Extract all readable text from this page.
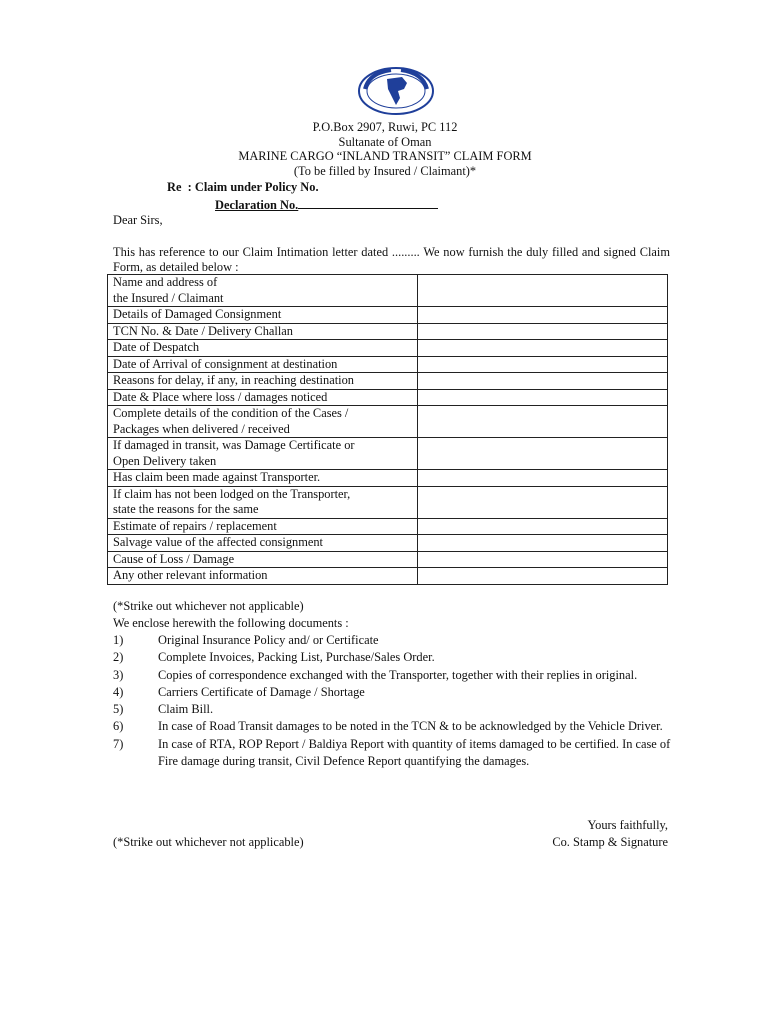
P.O.Box 2907, Ruwi, PC 112
Sultanate of Oman
MARINE CARGO “INLAND TRANSIT” CLAIM FORM
(To be filled by Insured / Claimant)*
Re  : Claim under Policy No.
Declaration No.
Dear Sirs,
This has reference to our Claim Intimation letter dated ......... We now furnish the duly filled and signed Claim Form, as detailed below :
Name and address of
the Insured / Claimant	

Details of Damaged Consignment	

TCN No. & Date / Delivery Challan	

Date of Despatch	

Date of Arrival of consignment at destination	

Reasons for delay, if any, in reaching destination	

Date & Place where loss / damages noticed	

Complete details of the condition of the Cases /
Packages when delivered / received	

If damaged in transit, was Damage Certificate or
Open Delivery taken	

Has claim been made against Transporter.	

If claim has not been lodged on the Transporter,
state the reasons for the same	

Estimate of repairs / replacement	

Salvage value of the affected consignment	

Cause of Loss / Damage	

Any other relevant information	

(*Strike out whichever not applicable)
We enclose herewith the following documents :
1)	Original Insurance Policy and/ or Certificate
2)	Complete Invoices, Packing List, Purchase/Sales Order.
3)	Copies of correspondence exchanged with the Transporter, together with their replies in original.
4)	Carriers Certificate of Damage / Shortage
5)	Claim Bill.
6)	In case of Road Transit damages to be noted in the TCN & to be acknowledged by the Vehicle Driver.
7)	In case of RTA, ROP Report / Baldiya Report with quantity of items damaged to be certified. In case of Fire damage during transit, Civil Defence Report quantifying the damages.
Yours faithfully,
(*Strike out whichever not applicable)	Co. Stamp & Signature
